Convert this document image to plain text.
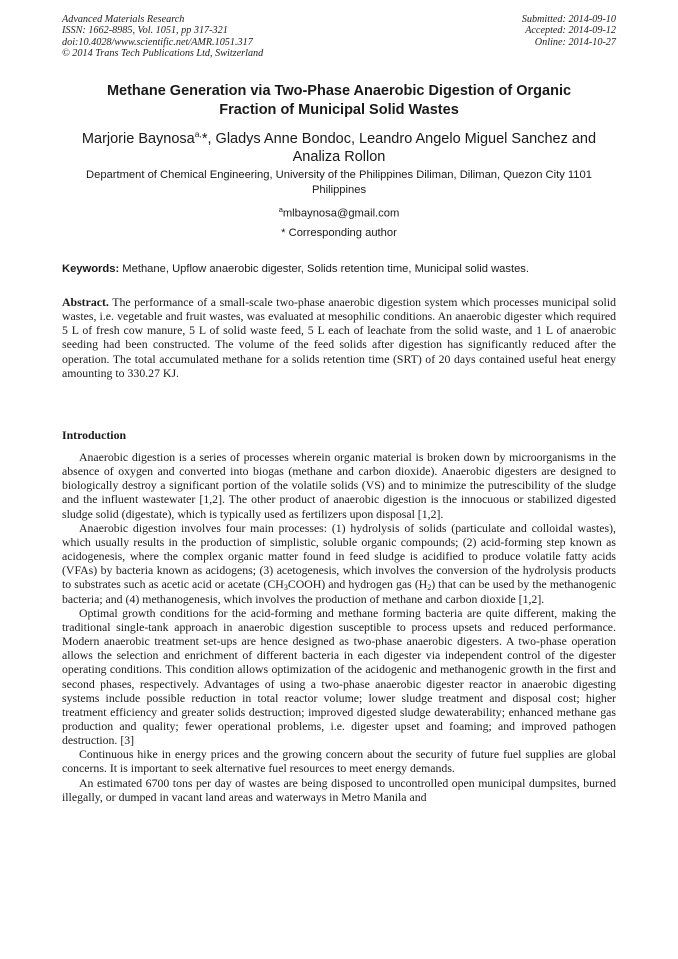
Advanced Materials Research
ISSN: 1662-8985, Vol. 1051, pp 317-321
doi:10.4028/www.scientific.net/AMR.1051.317
© 2014 Trans Tech Publications Ltd, Switzerland
Submitted: 2014-09-10
Accepted: 2014-09-12
Online: 2014-10-27
Methane Generation via Two-Phase Anaerobic Digestion of Organic
Fraction of Municipal Solid Wastes

Marjorie Baynosa$^{a,}$*, Gladys Anne Bondoc, Leandro Angelo Miguel Sanchez and Analiza Rollon

Department of Chemical Engineering, University of the Philippines Diliman, Diliman, Quezon City 1101 Philippines

$^a$mlbaynosa@gmail.com

* Corresponding author

Keywords: Methane, Upflow anaerobic digester, Solids retention time, Municipal solid wastes.

Abstract. The performance of a small-scale two-phase anaerobic digestion system which processes municipal solid wastes, i.e. vegetable and fruit wastes, was evaluated at mesophilic conditions. An anaerobic digester which required 5 L of fresh cow manure, 5 L of solid waste feed, 5 L each of leachate from the solid waste, and 1 L of anaerobic seeding had been constructed. The volume of the feed solids after digestion has significantly reduced after the operation. The total accumulated methane for a solids retention time (SRT) of 20 days contained useful heat energy amounting to 330.27 KJ.

Introduction

Anaerobic digestion is a series of processes wherein organic material is broken down by microorganisms in the absence of oxygen and converted into biogas (methane and carbon dioxide). Anaerobic digesters are designed to biologically destroy a significant portion of the volatile solids (VS) and to minimize the putrescibility of the sludge and the influent wastewater [1,2]. The other product of anaerobic digestion is the innocuous or stabilized digested sludge solid (digestate), which is typically used as fertilizers upon disposal [1,2].

Anaerobic digestion involves four main processes: (1) hydrolysis of solids (particulate and colloidal wastes), which usually results in the production of simplistic, soluble organic compounds; (2) acid-forming step known as acidogenesis, where the complex organic matter found in feed sludge is acidified to produce volatile fatty acids (VFAs) by bacteria known as acidogens; (3) acetogenesis, which involves the conversion of the hydrolysis products to substrates such as acetic acid or acetate $(CH_3COOH)$ and hydrogen gas $(H_2)$ that can be used by the methanogenic bacteria; and (4) methanogenesis, which involves the production of methane and carbon dioxide [1,2].

Optimal growth conditions for the acid-forming and methane forming bacteria are quite different, making the traditional single-tank approach in anaerobic digestion susceptible to process upsets and reduced performance. Modern anaerobic treatment set-ups are hence designed as two-phase anaerobic digesters. A two-phase operation allows the selection and enrichment of different bacteria in each digester via independent control of the digester operating conditions. This condition allows optimization of the acidogenic and methanogenic growth in the first and second phases, respectively. Advantages of using a two-phase anaerobic digester reactor in anaerobic digesting systems include possible reduction in total reactor volume; lower sludge treatment and disposal cost; higher treatment efficiency and greater solids destruction; improved digested sludge dewaterability; enhanced methane gas production and quality; fewer operational problems, i.e. digester upset and foaming; and improved pathogen destruction. [3]

Continuous hike in energy prices and the growing concern about the security of future fuel supplies are global concerns. It is important to seek alternative fuel resources to meet energy demands.

An estimated 6700 tons per day of wastes are being disposed to uncontrolled open municipal dumpsites, burned illegally, or dumped in vacant land areas and waterways in Metro Manila and
